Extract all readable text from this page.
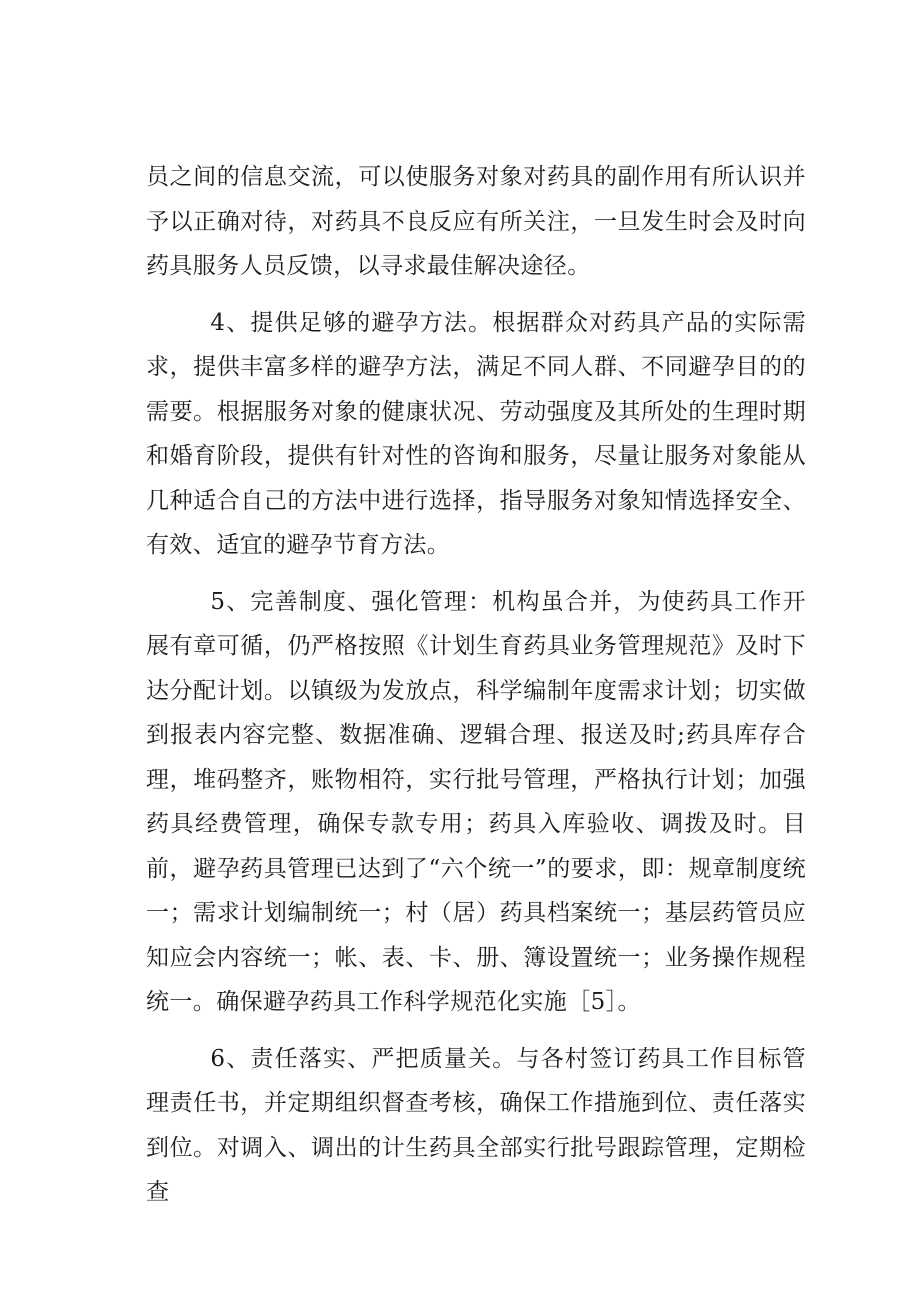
员之间的信息交流，可以使服务对象对药具的副作用有所认识并予以正确对待，对药具不良反应有所关注，一旦发生时会及时向药具服务人员反馈，以寻求最佳解决途径。

4、提供足够的避孕方法。根据群众对药具产品的实际需求，提供丰富多样的避孕方法，满足不同人群、不同避孕目的的需要。根据服务对象的健康状况、劳动强度及其所处的生理时期和婚育阶段，提供有针对性的咨询和服务，尽量让服务对象能从几种适合自己的方法中进行选择，指导服务对象知情选择安全、有效、适宜的避孕节育方法。

5、完善制度、强化管理：机构虽合并，为使药具工作开展有章可循，仍严格按照《计划生育药具业务管理规范》及时下达分配计划。以镇级为发放点，科学编制年度需求计划；切实做到报表内容完整、数据准确、逻辑合理、报送及时;药具库存合理，堆码整齐，账物相符，实行批号管理，严格执行计划；加强药具经费管理，确保专款专用；药具入库验收、调拨及时。目前，避孕药具管理已达到了“六个统一”的要求，即：规章制度统一；需求计划编制统一；村（居）药具档案统一；基层药管员应知应会内容统一；帐、表、卡、册、簿设置统一；业务操作规程统一。确保避孕药具工作科学规范化实施［5］。

6、责任落实、严把质量关。与各村签订药具工作目标管理责任书，并定期组织督查考核，确保工作措施到位、责任落实到位。对调入、调出的计生药具全部实行批号跟踪管理，定期检查
